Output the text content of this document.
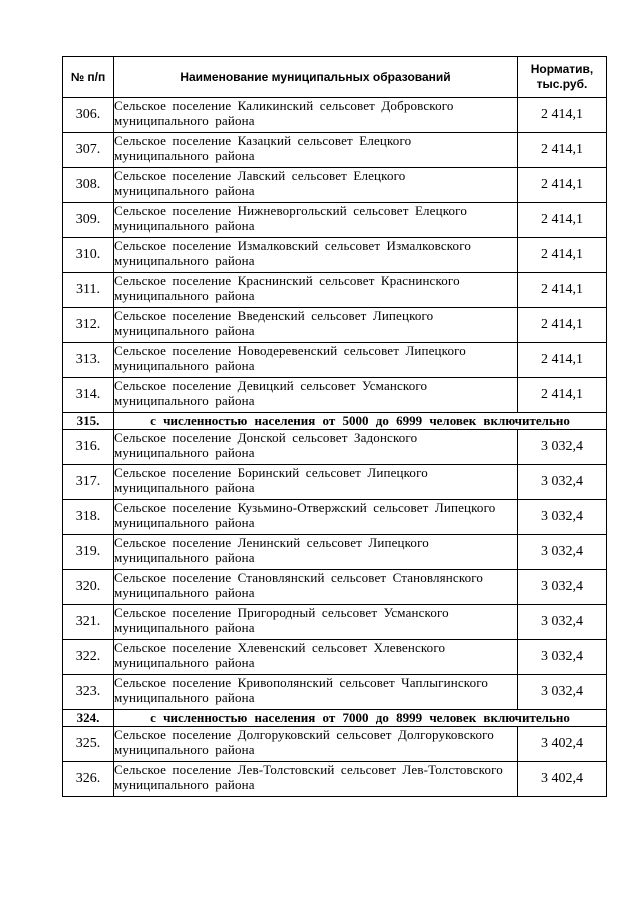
№ п/п	Наименование муниципальных образований	Норматив,
тыс.руб.
306.	Сельское поселение Каликинский сельсовет Добровского
муниципального района	2 414,1
307.	Сельское поселение Казацкий сельсовет Елецкого
муниципального района	2 414,1
308.	Сельское поселение Лавский сельсовет Елецкого
муниципального района	2 414,1
309.	Сельское поселение Нижневоргольский сельсовет Елецкого
муниципального района	2 414,1
310.	Сельское поселение Измалковский сельсовет Измалковского
муниципального района	2 414,1
311.	Сельское поселение Краснинский сельсовет Краснинского
муниципального района	2 414,1
312.	Сельское поселение Введенский сельсовет Липецкого
муниципального района	2 414,1
313.	Сельское поселение Новодеревенский сельсовет Липецкого
муниципального района	2 414,1
314.	Сельское поселение Девицкий сельсовет Усманского
муниципального района	2 414,1
315.	с численностью населения от 5000 до 6999 человек включительно	
316.	Сельское поселение Донской сельсовет Задонского
муниципального района	3 032,4
317.	Сельское поселение Боринский сельсовет Липецкого
муниципального района	3 032,4
318.	Сельское поселение Кузьмино-Отвержский сельсовет Липецкого
муниципального района	3 032,4
319.	Сельское поселение Ленинский сельсовет Липецкого
муниципального района	3 032,4
320.	Сельское поселение Становлянский сельсовет Становлянского
муниципального района	3 032,4
321.	Сельское поселение Пригородный сельсовет Усманского
муниципального района	3 032,4
322.	Сельское поселение Хлевенский сельсовет Хлевенского
муниципального района	3 032,4
323.	Сельское поселение Кривополянский сельсовет Чаплыгинского
муниципального района	3 032,4
324.	с численностью населения от 7000 до 8999 человек включительно	
325.	Сельское поселение Долгоруковский сельсовет Долгоруковского
муниципального района	3 402,4
326.	Сельское поселение Лев-Толстовский сельсовет Лев-Толстовского
муниципального района	3 402,4
